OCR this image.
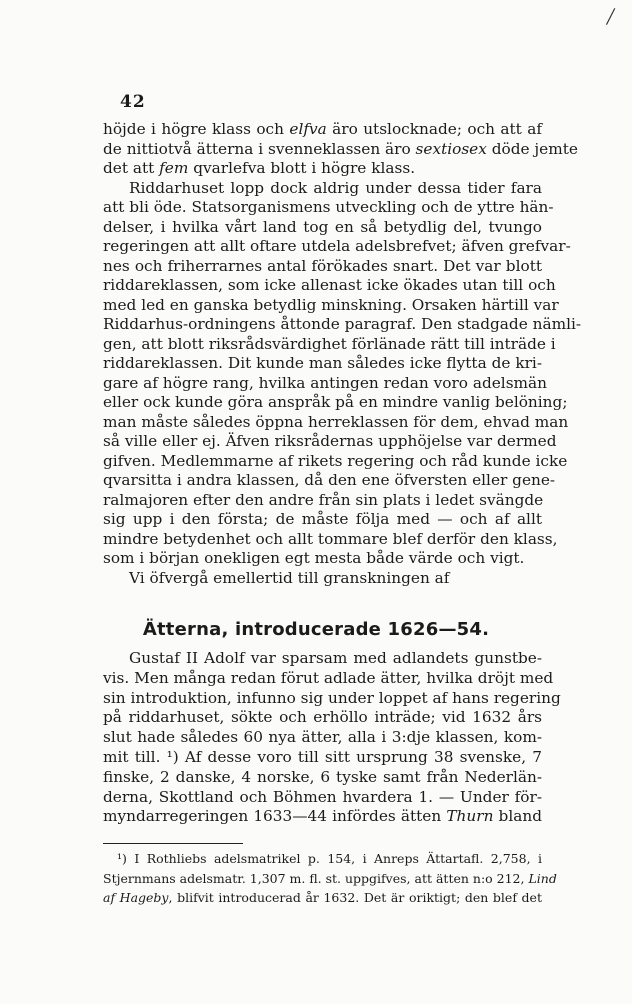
/
42
höjde i högre klass och elfva äro utslocknade; och att af
de nittiotvå ätterna i svenneklassen äro sextiosex döde jemte
det att fem qvarlefva blott i högre klass.
Riddarhuset lopp dock aldrig under dessa tider fara
att bli öde. Statsorganismens utveckling och de yttre hän-
delser, i hvilka vårt land tog en så betydlig del, tvungo
regeringen att allt oftare utdela adelsbrefvet; äfven grefvar-
nes och friherrarnes antal förökades snart. Det var blott
riddareklassen, som icke allenast icke ökades utan till och
med led en ganska betydlig minskning. Orsaken härtill var
Riddarhus-ordningens åttonde paragraf. Den stadgade nämli-
gen, att blott riksrådsvärdighet förlänade rätt till inträde i
riddareklassen. Dit kunde man således icke flytta de kri-
gare af högre rang, hvilka antingen redan voro adelsmän
eller ock kunde göra anspråk på en mindre vanlig belöning;
man måste således öppna herreklassen för dem, ehvad man
så ville eller ej. Äfven riksrådernas upphöjelse var dermed
gifven. Medlemmarne af rikets regering och råd kunde icke
qvarsitta i andra klassen, då den ene öfversten eller gene-
ralmajoren efter den andre från sin plats i ledet svängde
sig upp i den första; de måste följa med — och af allt
mindre betydenhet och allt tommare blef derför den klass,
som i början onekligen egt mesta både värde och vigt.
Vi öfvergå emellertid till granskningen af
Ätterna, introducerade 1626—54.
Gustaf II Adolf var sparsam med adlandets gunstbe-
vis. Men många redan förut adlade ätter, hvilka dröjt med
sin introduktion, infunno sig under loppet af hans regering
på riddarhuset, sökte och erhöllo inträde; vid 1632 års
slut hade således 60 nya ätter, alla i 3:dje klassen, kom-
mit till. ¹) Af desse voro till sitt ursprung 38 svenske, 7
finske, 2 danske, 4 norske, 6 tyske samt från Nederlän-
derna, Skottland och Böhmen hvardera 1. — Under för-
myndarregeringen 1633—44 infördes ätten Thurn bland
¹) I Rothliebs adelsmatrikel p. 154, i Anreps Ättartafl. 2,758, i
Stjernmans adelsmatr. 1,307 m. fl. st. uppgifves, att ätten n:o 212, Lind
af Hageby, blifvit introducerad år 1632. Det är oriktigt; den blef det
